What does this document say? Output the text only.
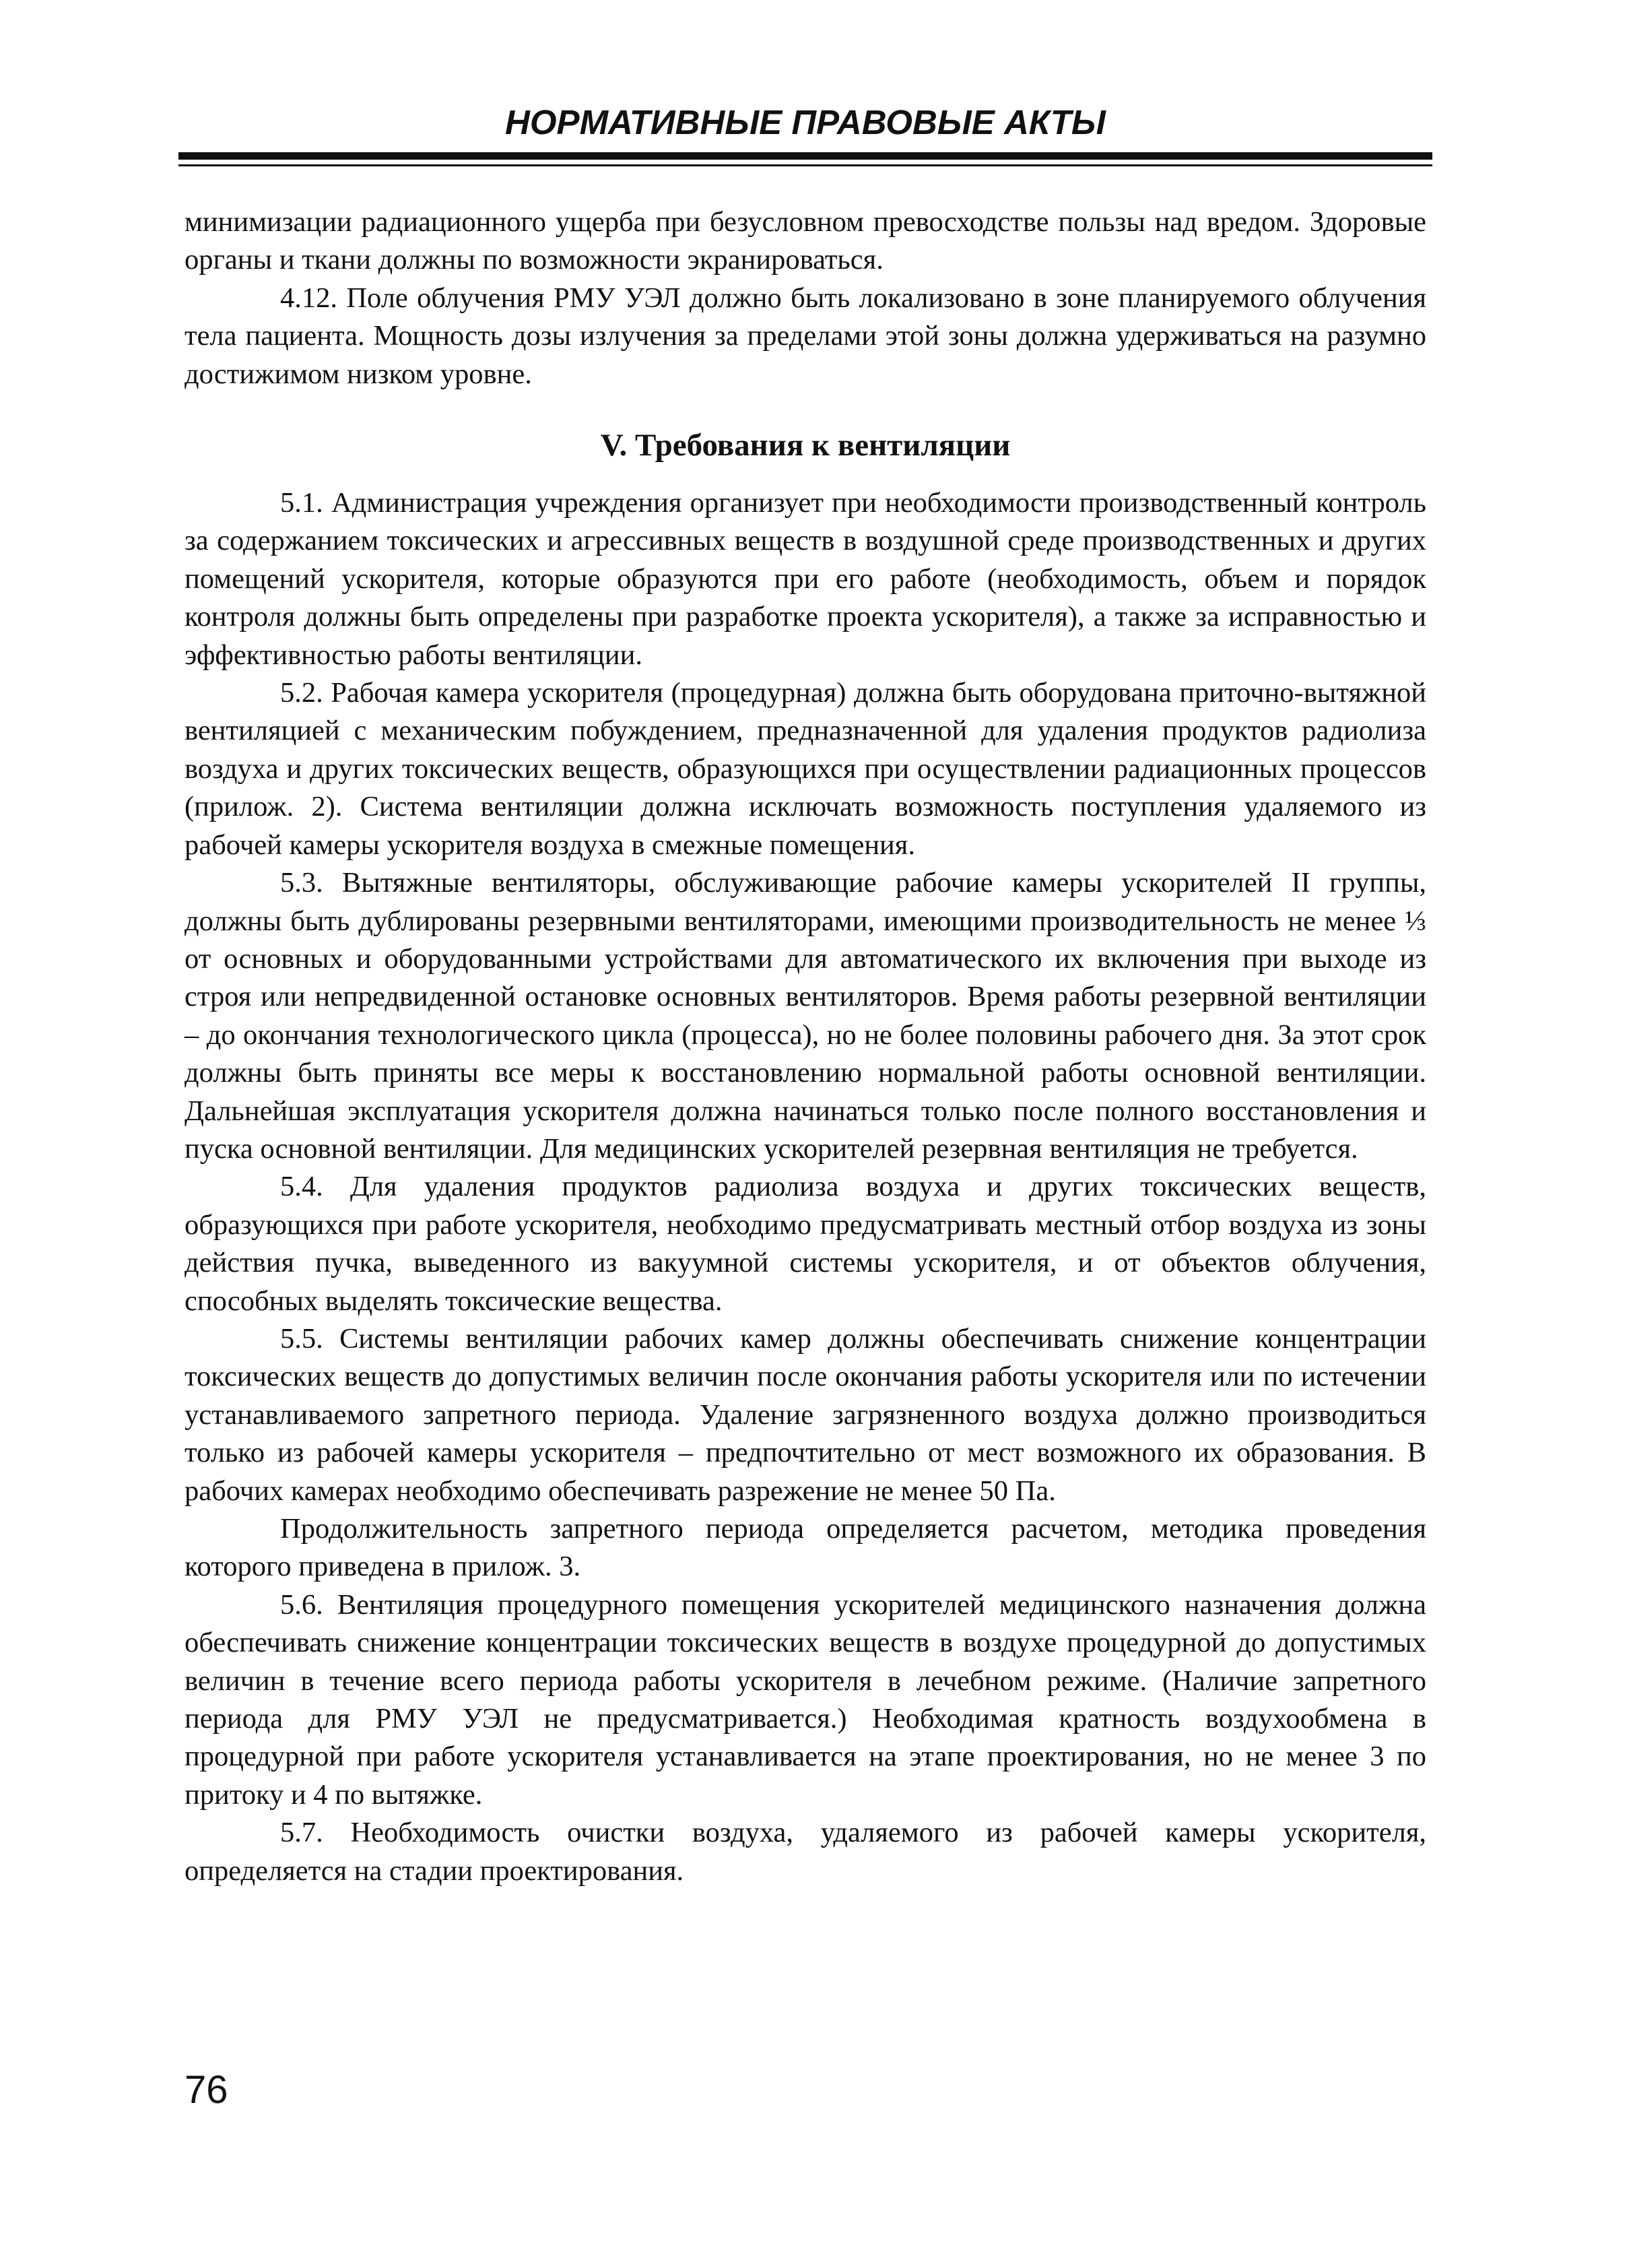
НОРМАТИВНЫЕ ПРАВОВЫЕ АКТЫ

минимизации радиационного ущерба при безусловном превосходстве пользы над вредом. Здоровые органы и ткани должны по возможности экранироваться.

4.12. Поле облучения РМУ УЭЛ должно быть локализовано в зоне планируемого облучения тела пациента. Мощность дозы излучения за пределами этой зоны должна удерживаться на разумно достижимом низком уровне.

V. Требования к вентиляции

5.1. Администрация учреждения организует при необходимости производственный контроль за содержанием токсических и агрессивных веществ в воздушной среде производственных и других помещений ускорителя, которые образуются при его работе (необходимость, объем и порядок контроля должны быть определены при разработке проекта ускорителя), а также за исправностью и эффективностью работы вентиляции.

5.2. Рабочая камера ускорителя (процедурная) должна быть оборудована приточно-вытяжной вентиляцией с механическим побуждением, предназначенной для удаления продуктов радиолиза воздуха и других токсических веществ, образующихся при осуществлении радиационных процессов (прилож. 2). Система вентиляции должна исключать возможность поступления удаляемого из рабочей камеры ускорителя воздуха в смежные помещения.

5.3. Вытяжные вентиляторы, обслуживающие рабочие камеры ускорителей II группы, должны быть дублированы резервными вентиляторами, имеющими производительность не менее ⅓ от основных и оборудованными устройствами для автоматического их включения при выходе из строя или непредвиденной остановке основных вентиляторов. Время работы резервной вентиляции – до окончания технологического цикла (процесса), но не более половины рабочего дня. За этот срок должны быть приняты все меры к восстановлению нормальной работы основной вентиляции. Дальнейшая эксплуатация ускорителя должна начинаться только после полного восстановления и пуска основной вентиляции. Для медицинских ускорителей резервная вентиляция не требуется.

5.4. Для удаления продуктов радиолиза воздуха и других токсических веществ, образующихся при работе ускорителя, необходимо предусматривать местный отбор воздуха из зоны действия пучка, выведенного из вакуумной системы ускорителя, и от объектов облучения, способных выделять токсические вещества.

5.5. Системы вентиляции рабочих камер должны обеспечивать снижение концентрации токсических веществ до допустимых величин после окончания работы ускорителя или по истечении устанавливаемого запретного периода. Удаление загрязненного воздуха должно производиться только из рабочей камеры ускорителя – предпочтительно от мест возможного их образования. В рабочих камерах необходимо обеспечивать разрежение не менее 50 Па.

Продолжительность запретного периода определяется расчетом, методика проведения которого приведена в прилож. 3.

5.6. Вентиляция процедурного помещения ускорителей медицинского назначения должна обеспечивать снижение концентрации токсических веществ в воздухе процедурной до допустимых величин в течение всего периода работы ускорителя в лечебном режиме. (Наличие запретного периода для РМУ УЭЛ не предусматривается.) Необходимая кратность воздухообмена в процедурной при работе ускорителя устанавливается на этапе проектирования, но не менее 3 по притоку и 4 по вытяжке.

5.7. Необходимость очистки воздуха, удаляемого из рабочей камеры ускорителя, определяется на стадии проектирования.

76
